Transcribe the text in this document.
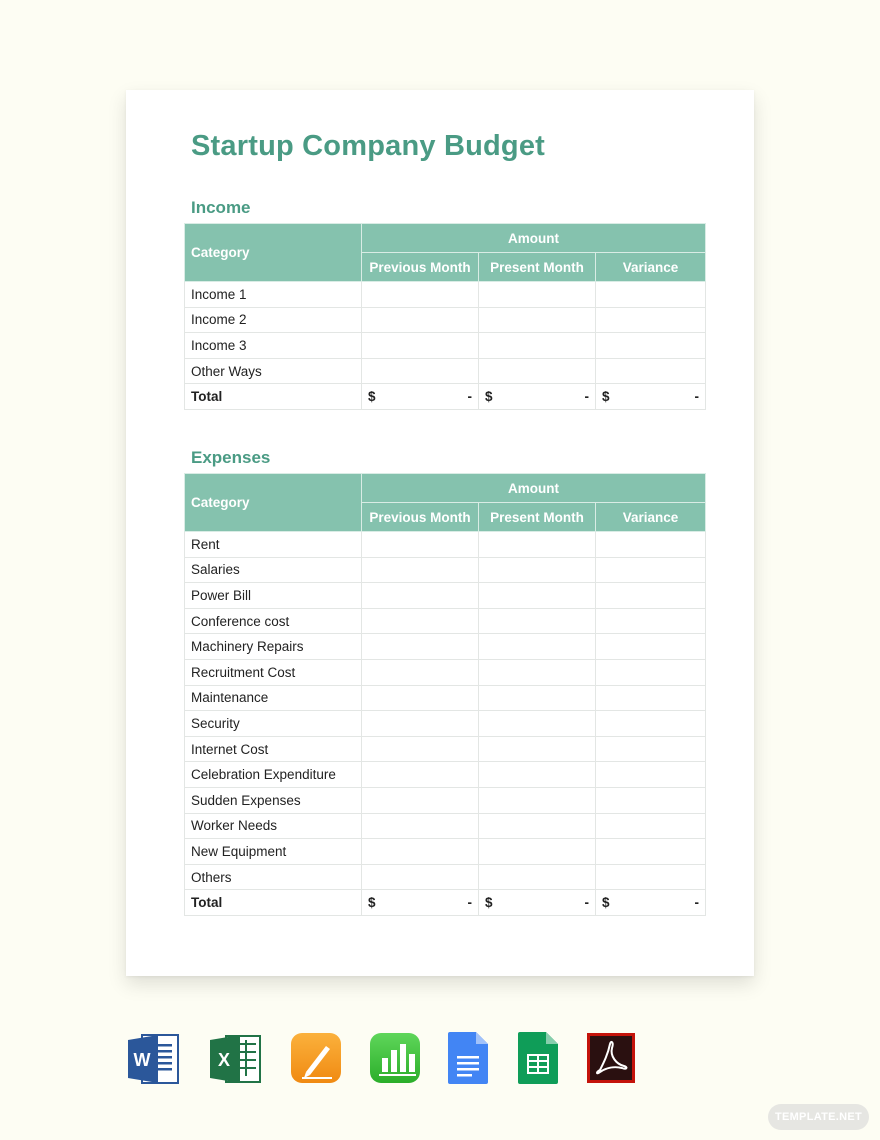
Startup Company Budget
Income
Category	Amount		
	Previous Month	Present Month	Variance
Income 1			
Income 2			
Income 3			
Other Ways			
Total	$ -	$ -	$ -
Expenses
Category	Amount		
	Previous Month	Present Month	Variance
Rent			
Salaries			
Power Bill			
Conference cost			
Machinery Repairs			
Recruitment Cost			
Maintenance			
Security			
Internet Cost			
Celebration Expenditure			
Sudden Expenses			
Worker Needs			
New Equipment			
Others			
Total	$ -	$ -	$ -
W	X
TEMPLATE.NET
